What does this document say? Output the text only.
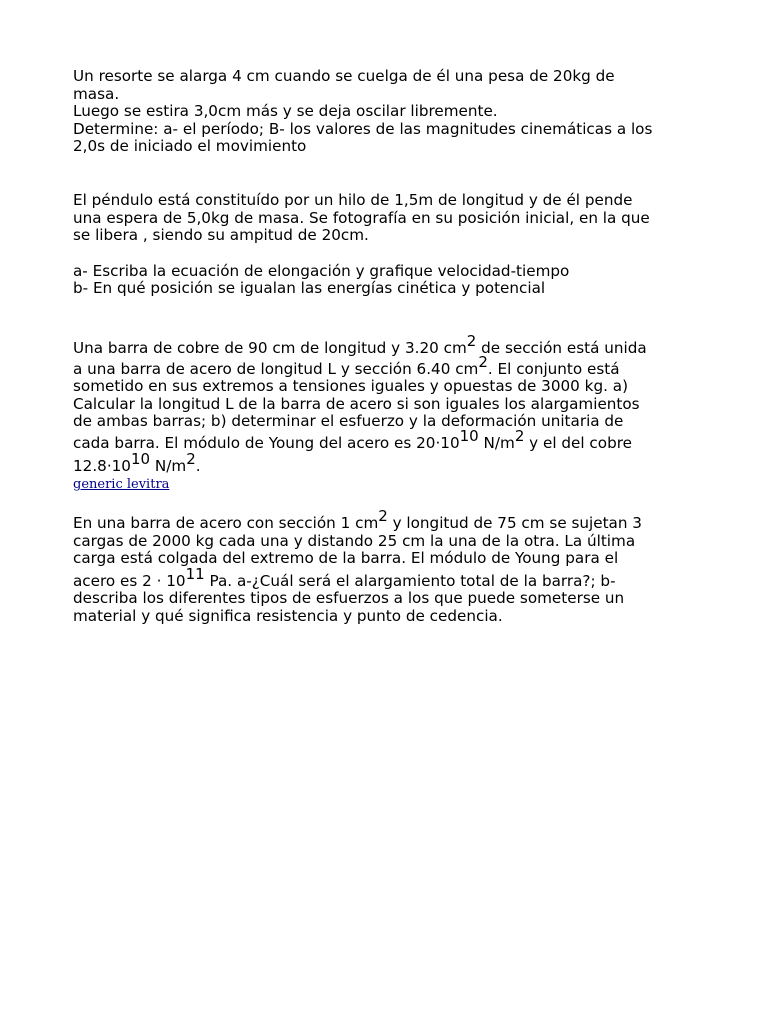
Un resorte se alarga 4 cm cuando se cuelga de él una pesa de 20kg de
masa.
Luego se estira 3,0cm más y se deja oscilar libremente.
Determine: a- el período; B- los valores de las magnitudes cinemáticas a los
2,0s de iniciado el movimiento

El péndulo está constituído por un hilo de 1,5m de longitud y de él pende
una espera de 5,0kg de masa. Se fotografía en su posición inicial, en la que
se libera , siendo su ampitud de 20cm.

a- Escriba la ecuación de elongación y grafique velocidad-tiempo
b- En qué posición se igualan las energías cinética y potencial

Una barra de cobre de 90 cm de longitud y 3.20 $cm^2$ de sección está unida
a una barra de acero de longitud L y sección 6.40 $cm^2$. El conjunto está
sometido en sus extremos a tensiones iguales y opuestas de 3000 kg. a)
Calcular la longitud L de la barra de acero si son iguales los alargamientos
de ambas barras; b) determinar el esfuerzo y la deformación unitaria de
cada barra. El módulo de Young del acero es $20\cdot 10^{10}$ $N/m^2$ y el del cobre
$12.8\cdot 10^{10}$ $N/m^2$.
generic levitra

En una barra de acero con sección 1 $cm^2$ y longitud de 75 cm se sujetan 3
cargas de 2000 kg cada una y distando 25 cm la una de la otra. La última
carga está colgada del extremo de la barra. El módulo de Young para el
acero es $2 \cdot 10^{11}$ Pa. a-¿Cuál será el alargamiento total de la barra?; b-
describa los diferentes tipos de esfuerzos a los que puede someterse un
material y qué significa resistencia y punto de cedencia.
